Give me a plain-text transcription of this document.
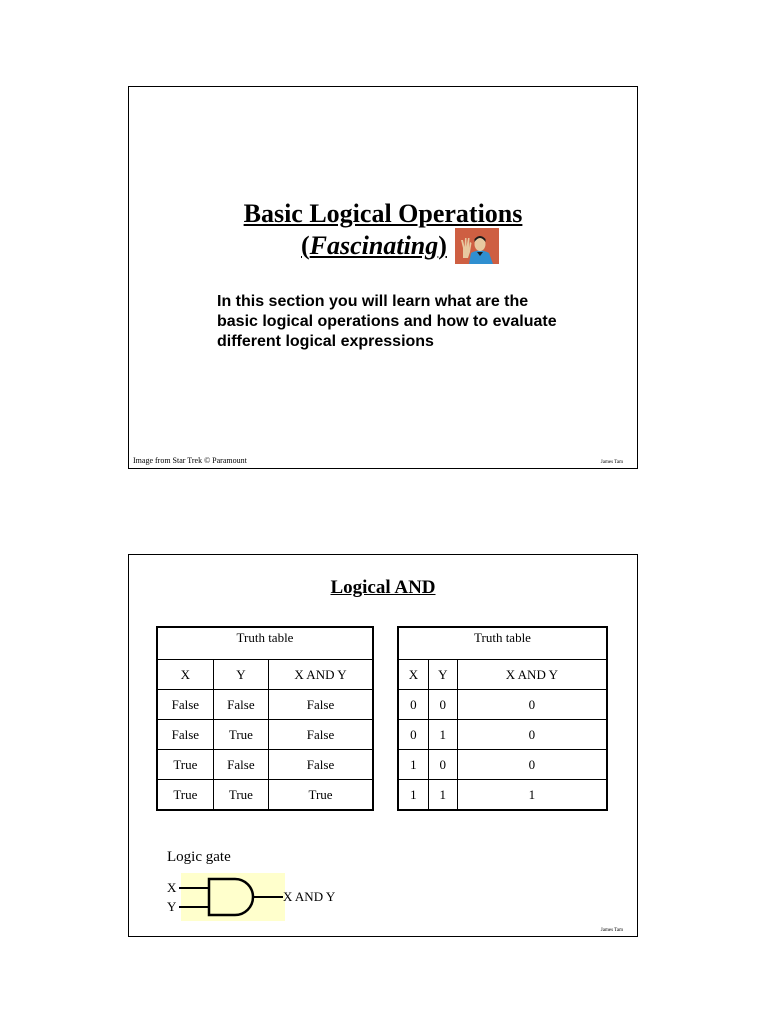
Basic Logical Operations
(Fascinating)
In this section you will learn what are the basic logical operations and how to evaluate different logical expressions
Image from Star Trek © Paramount	James Tam
Logical AND
Truth table		
X	Y	X AND Y
False	False	False
False	True	False
True	False	False
True	True	True
Truth table		
X	Y	X AND Y
0	0	0
0	1	0
1	0	0
1	1	1
Logic gate
X
Y
X AND Y
James Tam
